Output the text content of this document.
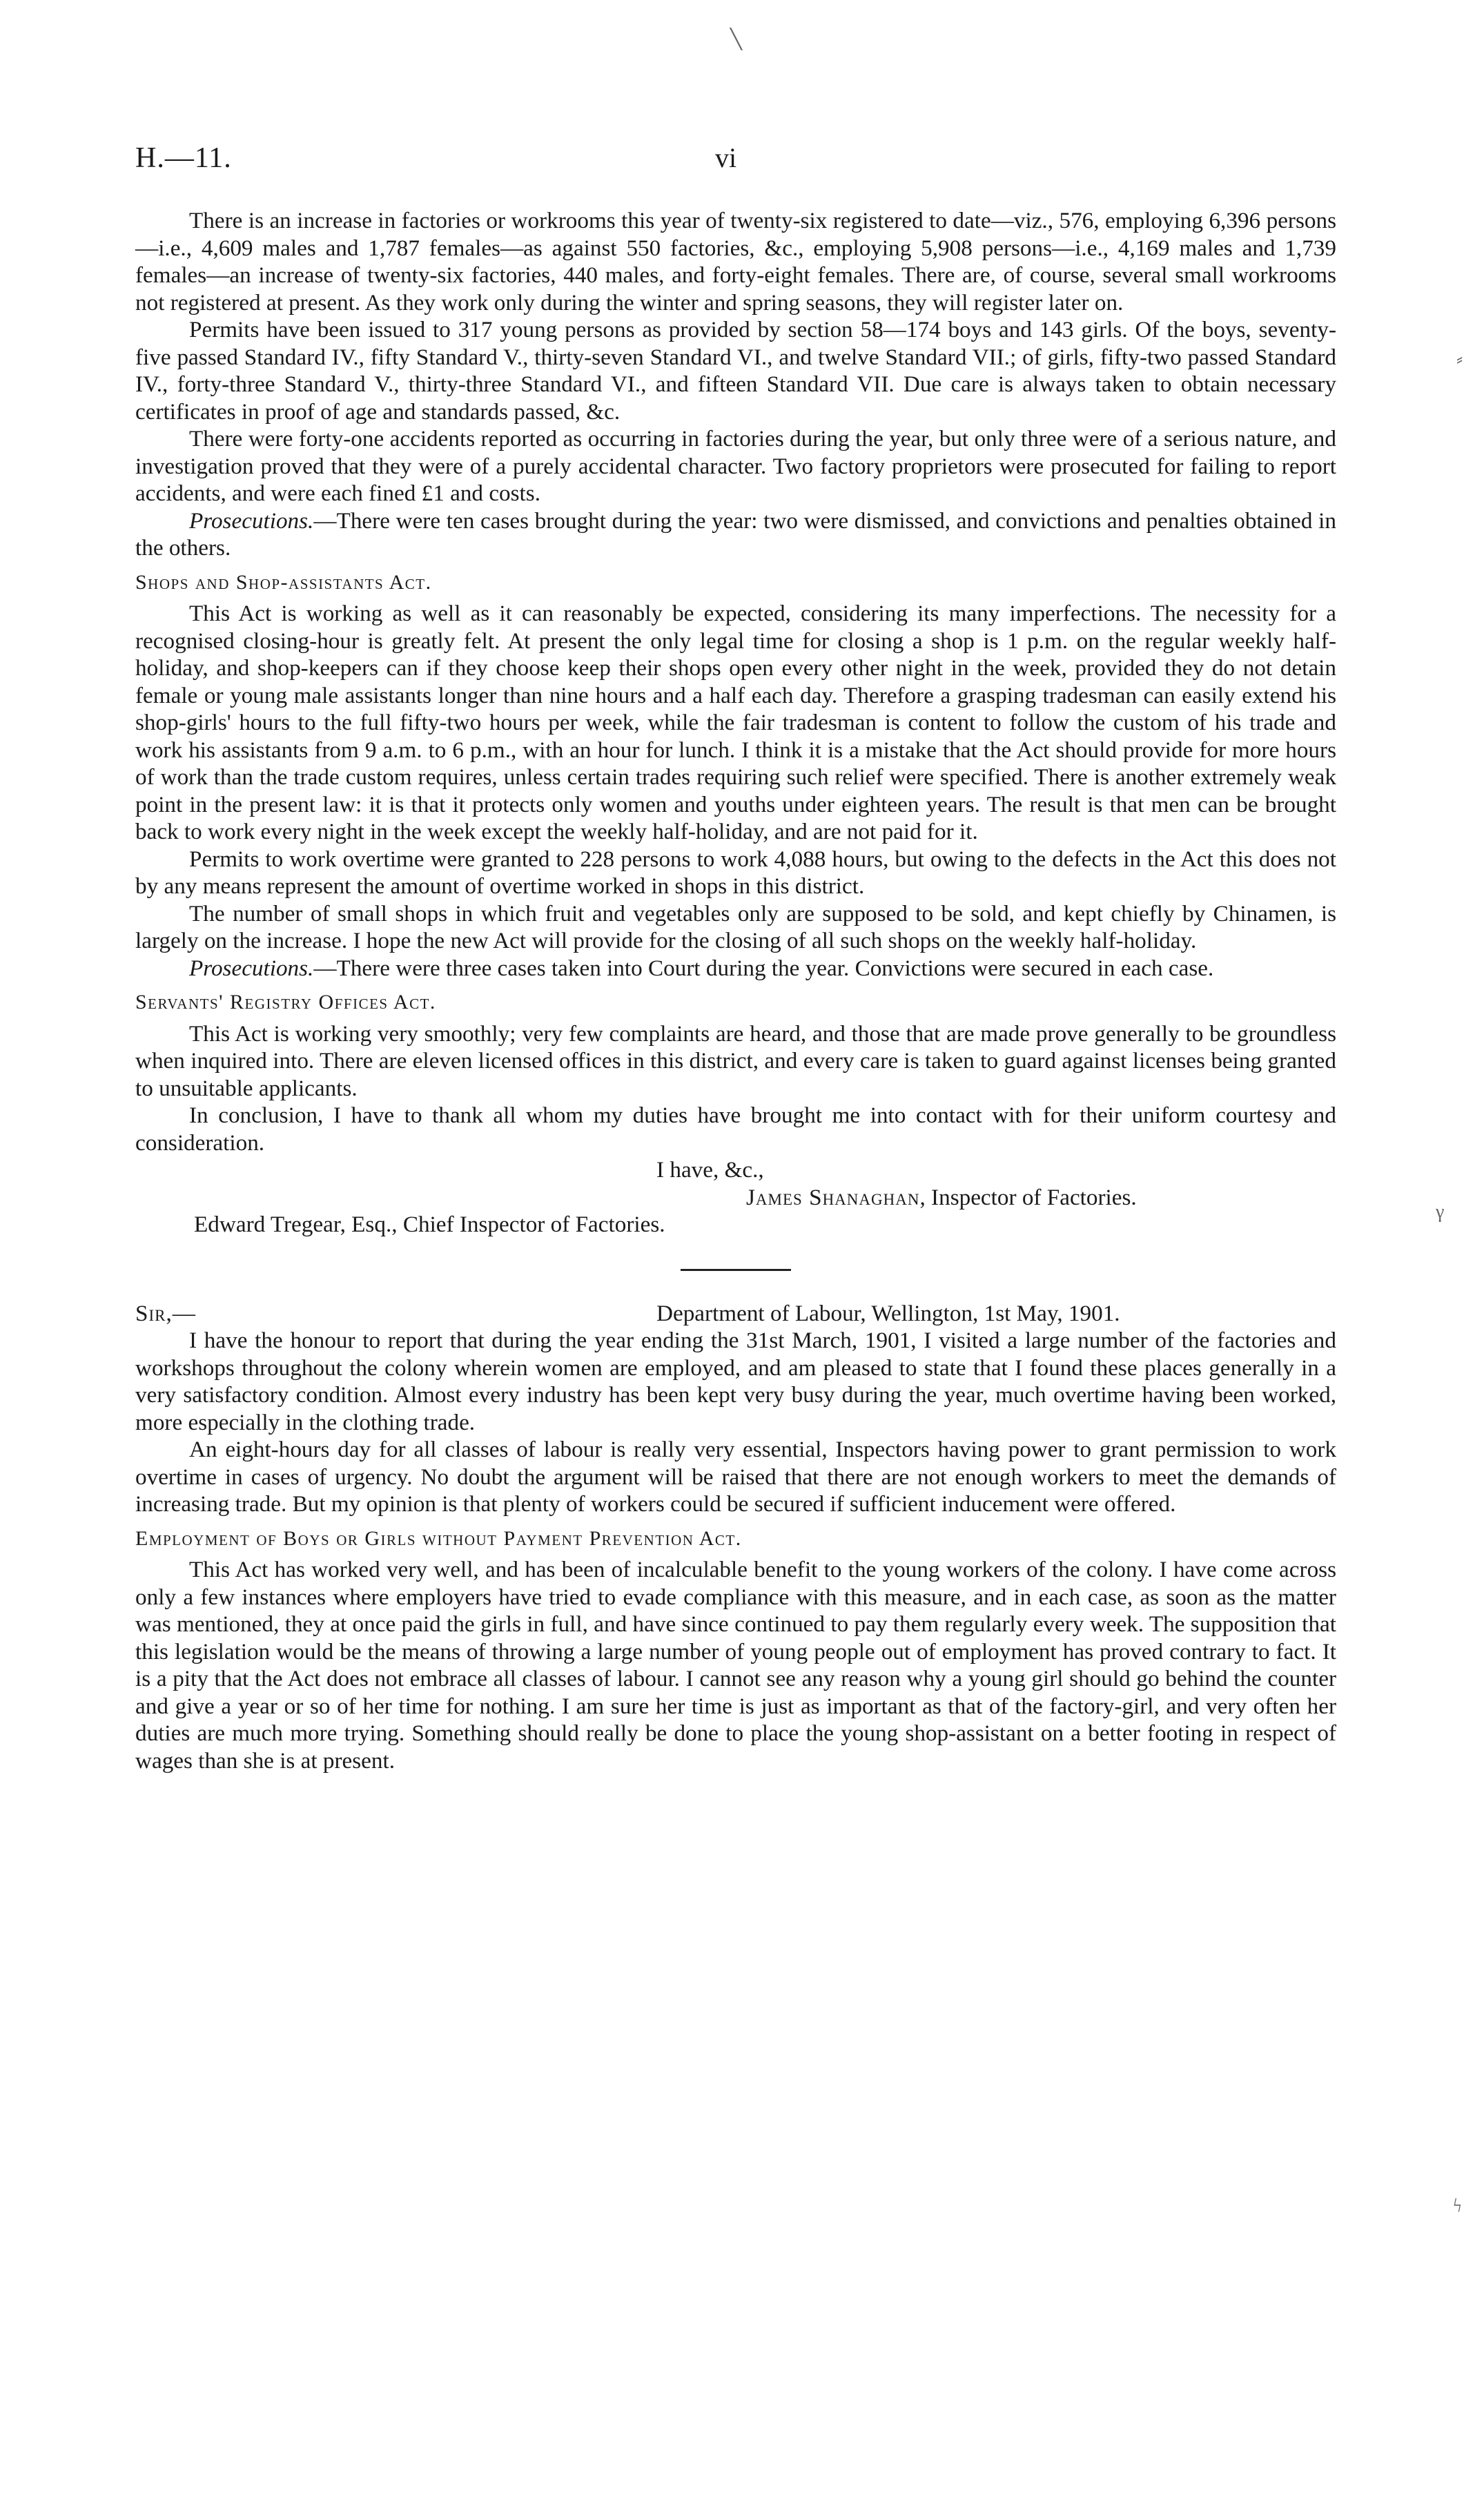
H.—11.	vi

There is an increase in factories or workrooms this year of twenty-six registered to date—viz., 576, employing 6,396 persons—i.e., 4,609 males and 1,787 females—as against 550 factories, &c., employing 5,908 persons—i.e., 4,169 males and 1,739 females—an increase of twenty-six factories, 440 males, and forty-eight females. There are, of course, several small workrooms not registered at present. As they work only during the winter and spring seasons, they will register later on.

Permits have been issued to 317 young persons as provided by section 58—174 boys and 143 girls. Of the boys, seventy-five passed Standard IV., fifty Standard V., thirty-seven Standard VI., and twelve Standard VII.; of girls, fifty-two passed Standard IV., forty-three Standard V., thirty-three Standard VI., and fifteen Standard VII. Due care is always taken to obtain necessary certificates in proof of age and standards passed, &c.

There were forty-one accidents reported as occurring in factories during the year, but only three were of a serious nature, and investigation proved that they were of a purely accidental character. Two factory proprietors were prosecuted for failing to report accidents, and were each fined £1 and costs.

Prosecutions.—There were ten cases brought during the year: two were dismissed, and convictions and penalties obtained in the others.

Shops and Shop-assistants Act.

This Act is working as well as it can reasonably be expected, considering its many imperfections. The necessity for a recognised closing-hour is greatly felt. At present the only legal time for closing a shop is 1 p.m. on the regular weekly half-holiday, and shop-keepers can if they choose keep their shops open every other night in the week, provided they do not detain female or young male assistants longer than nine hours and a half each day. Therefore a grasping tradesman can easily extend his shop-girls' hours to the full fifty-two hours per week, while the fair tradesman is content to follow the custom of his trade and work his assistants from 9 a.m. to 6 p.m., with an hour for lunch. I think it is a mistake that the Act should provide for more hours of work than the trade custom requires, unless certain trades requiring such relief were specified. There is another extremely weak point in the present law: it is that it protects only women and youths under eighteen years. The result is that men can be brought back to work every night in the week except the weekly half-holiday, and are not paid for it.

Permits to work overtime were granted to 228 persons to work 4,088 hours, but owing to the defects in the Act this does not by any means represent the amount of overtime worked in shops in this district.

The number of small shops in which fruit and vegetables only are supposed to be sold, and kept chiefly by Chinamen, is largely on the increase. I hope the new Act will provide for the closing of all such shops on the weekly half-holiday.

Prosecutions.—There were three cases taken into Court during the year. Convictions were secured in each case.

Servants' Registry Offices Act.

This Act is working very smoothly; very few complaints are heard, and those that are made prove generally to be groundless when inquired into. There are eleven licensed offices in this district, and every care is taken to guard against licenses being granted to unsuitable applicants.

In conclusion, I have to thank all whom my duties have brought me into contact with for their uniform courtesy and consideration.

I have, &c.,

James Shanaghan, Inspector of Factories.

Edward Tregear, Esq., Chief Inspector of Factories.

Sir,—	Department of Labour, Wellington, 1st May, 1901.

I have the honour to report that during the year ending the 31st March, 1901, I visited a large number of the factories and workshops throughout the colony wherein women are employed, and am pleased to state that I found these places generally in a very satisfactory condition. Almost every industry has been kept very busy during the year, much overtime having been worked, more especially in the clothing trade.

An eight-hours day for all classes of labour is really very essential, Inspectors having power to grant permission to work overtime in cases of urgency. No doubt the argument will be raised that there are not enough workers to meet the demands of increasing trade. But my opinion is that plenty of workers could be secured if sufficient inducement were offered.

Employment of Boys or Girls without Payment Prevention Act.

This Act has worked very well, and has been of incalculable benefit to the young workers of the colony. I have come across only a few instances where employers have tried to evade compliance with this measure, and in each case, as soon as the matter was mentioned, they at once paid the girls in full, and have since continued to pay them regularly every week. The supposition that this legislation would be the means of throwing a large number of young people out of employment has proved contrary to fact. It is a pity that the Act does not embrace all classes of labour. I cannot see any reason why a young girl should go behind the counter and give a year or so of her time for nothing. I am sure her time is just as important as that of the factory-girl, and very often her duties are much more trying. Something should really be done to place the young shop-assistant on a better footing in respect of wages than she is at present.

╲
⸗
γ
ϟ
